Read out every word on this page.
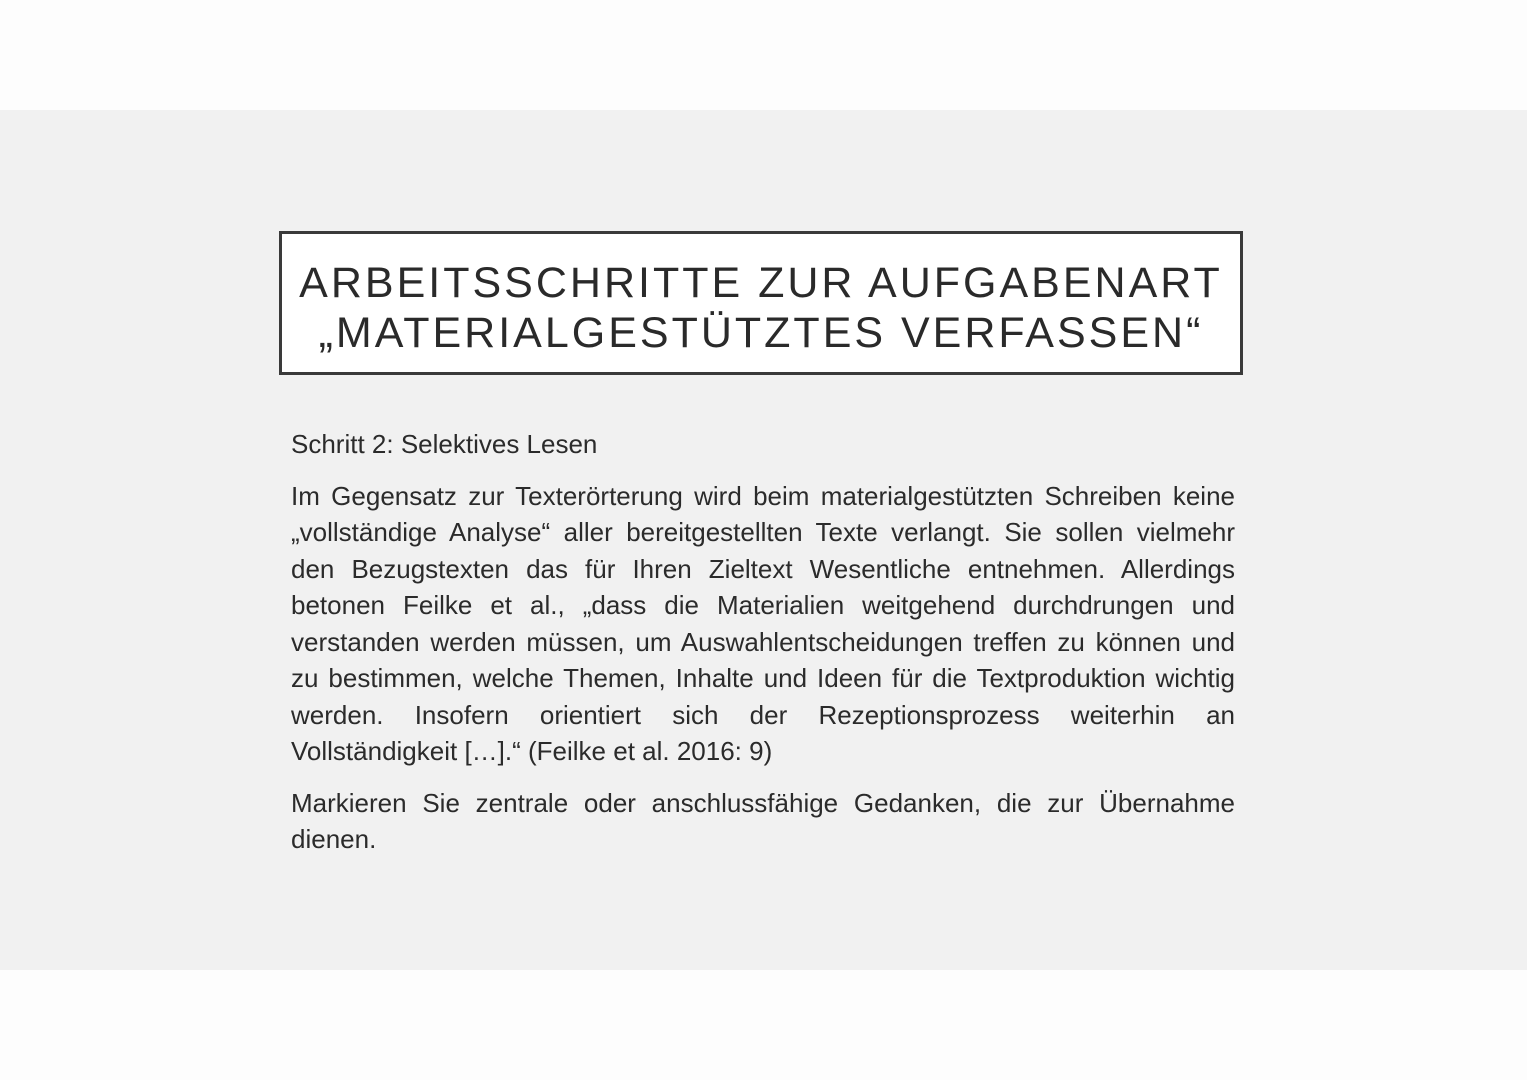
ARBEITSSCHRITTE ZUR AUFGABENART
„MATERIALGESTÜTZTES VERFASSEN“
Schritt 2: Selektives Lesen
Im Gegensatz zur Texterörterung wird beim materialgestützten Schreiben keine „vollständige Analyse“ aller bereitgestellten Texte verlangt. Sie sollen vielmehr den Bezugstexten das für Ihren Zieltext Wesentliche entnehmen. Allerdings betonen Feilke et al., „dass die Materialien weitgehend durchdrungen und verstanden werden müssen, um Auswahlentscheidungen treffen zu können und zu bestimmen, welche Themen, Inhalte und Ideen für die Textproduktion wichtig werden. Insofern orientiert sich der Rezeptionsprozess weiterhin an Vollständigkeit […].“ (Feilke et al. 2016: 9)
Markieren Sie zentrale oder anschlussfähige Gedanken, die zur Übernahme dienen.
